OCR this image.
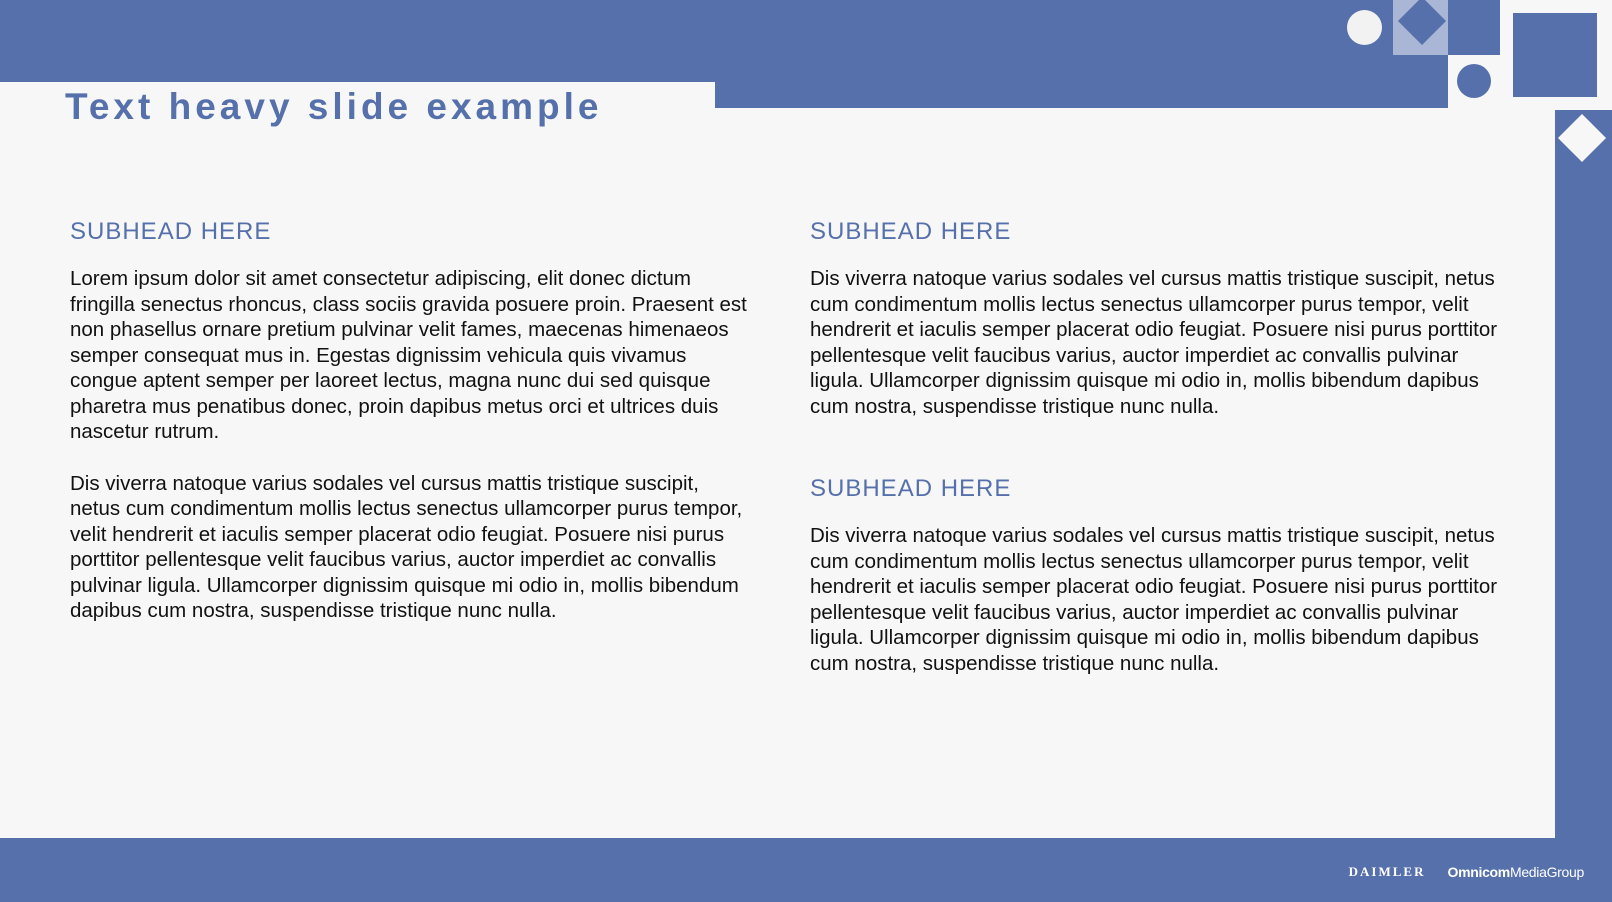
Text heavy slide example
SUBHEAD HERE

Lorem ipsum dolor sit amet consectetur adipiscing, elit donec dictum fringilla senectus rhoncus, class sociis gravida posuere proin. Praesent est non phasellus ornare pretium pulvinar velit fames, maecenas himenaeos semper consequat mus in. Egestas dignissim vehicula quis vivamus congue aptent semper per laoreet lectus, magna nunc dui sed quisque pharetra mus penatibus donec, proin dapibus metus orci et ultrices duis nascetur rutrum.

Dis viverra natoque varius sodales vel cursus mattis tristique suscipit, netus cum condimentum mollis lectus senectus ullamcorper purus tempor, velit hendrerit et iaculis semper placerat odio feugiat. Posuere nisi purus porttitor pellentesque velit faucibus varius, auctor imperdiet ac convallis pulvinar ligula. Ullamcorper dignissim quisque mi odio in, mollis bibendum dapibus cum nostra, suspendisse tristique nunc nulla.

SUBHEAD HERE

Dis viverra natoque varius sodales vel cursus mattis tristique suscipit, netus cum condimentum mollis lectus senectus ullamcorper purus tempor, velit hendrerit et iaculis semper placerat odio feugiat. Posuere nisi purus porttitor pellentesque velit faucibus varius, auctor imperdiet ac convallis pulvinar ligula. Ullamcorper dignissim quisque mi odio in, mollis bibendum dapibus cum nostra, suspendisse tristique nunc nulla.

SUBHEAD HERE

Dis viverra natoque varius sodales vel cursus mattis tristique suscipit, netus cum condimentum mollis lectus senectus ullamcorper purus tempor, velit hendrerit et iaculis semper placerat odio feugiat. Posuere nisi purus porttitor pellentesque velit faucibus varius, auctor imperdiet ac convallis pulvinar ligula. Ullamcorper dignissim quisque mi odio in, mollis bibendum dapibus cum nostra, suspendisse tristique nunc nulla.

DAIMLER OmnicomMediaGroup
